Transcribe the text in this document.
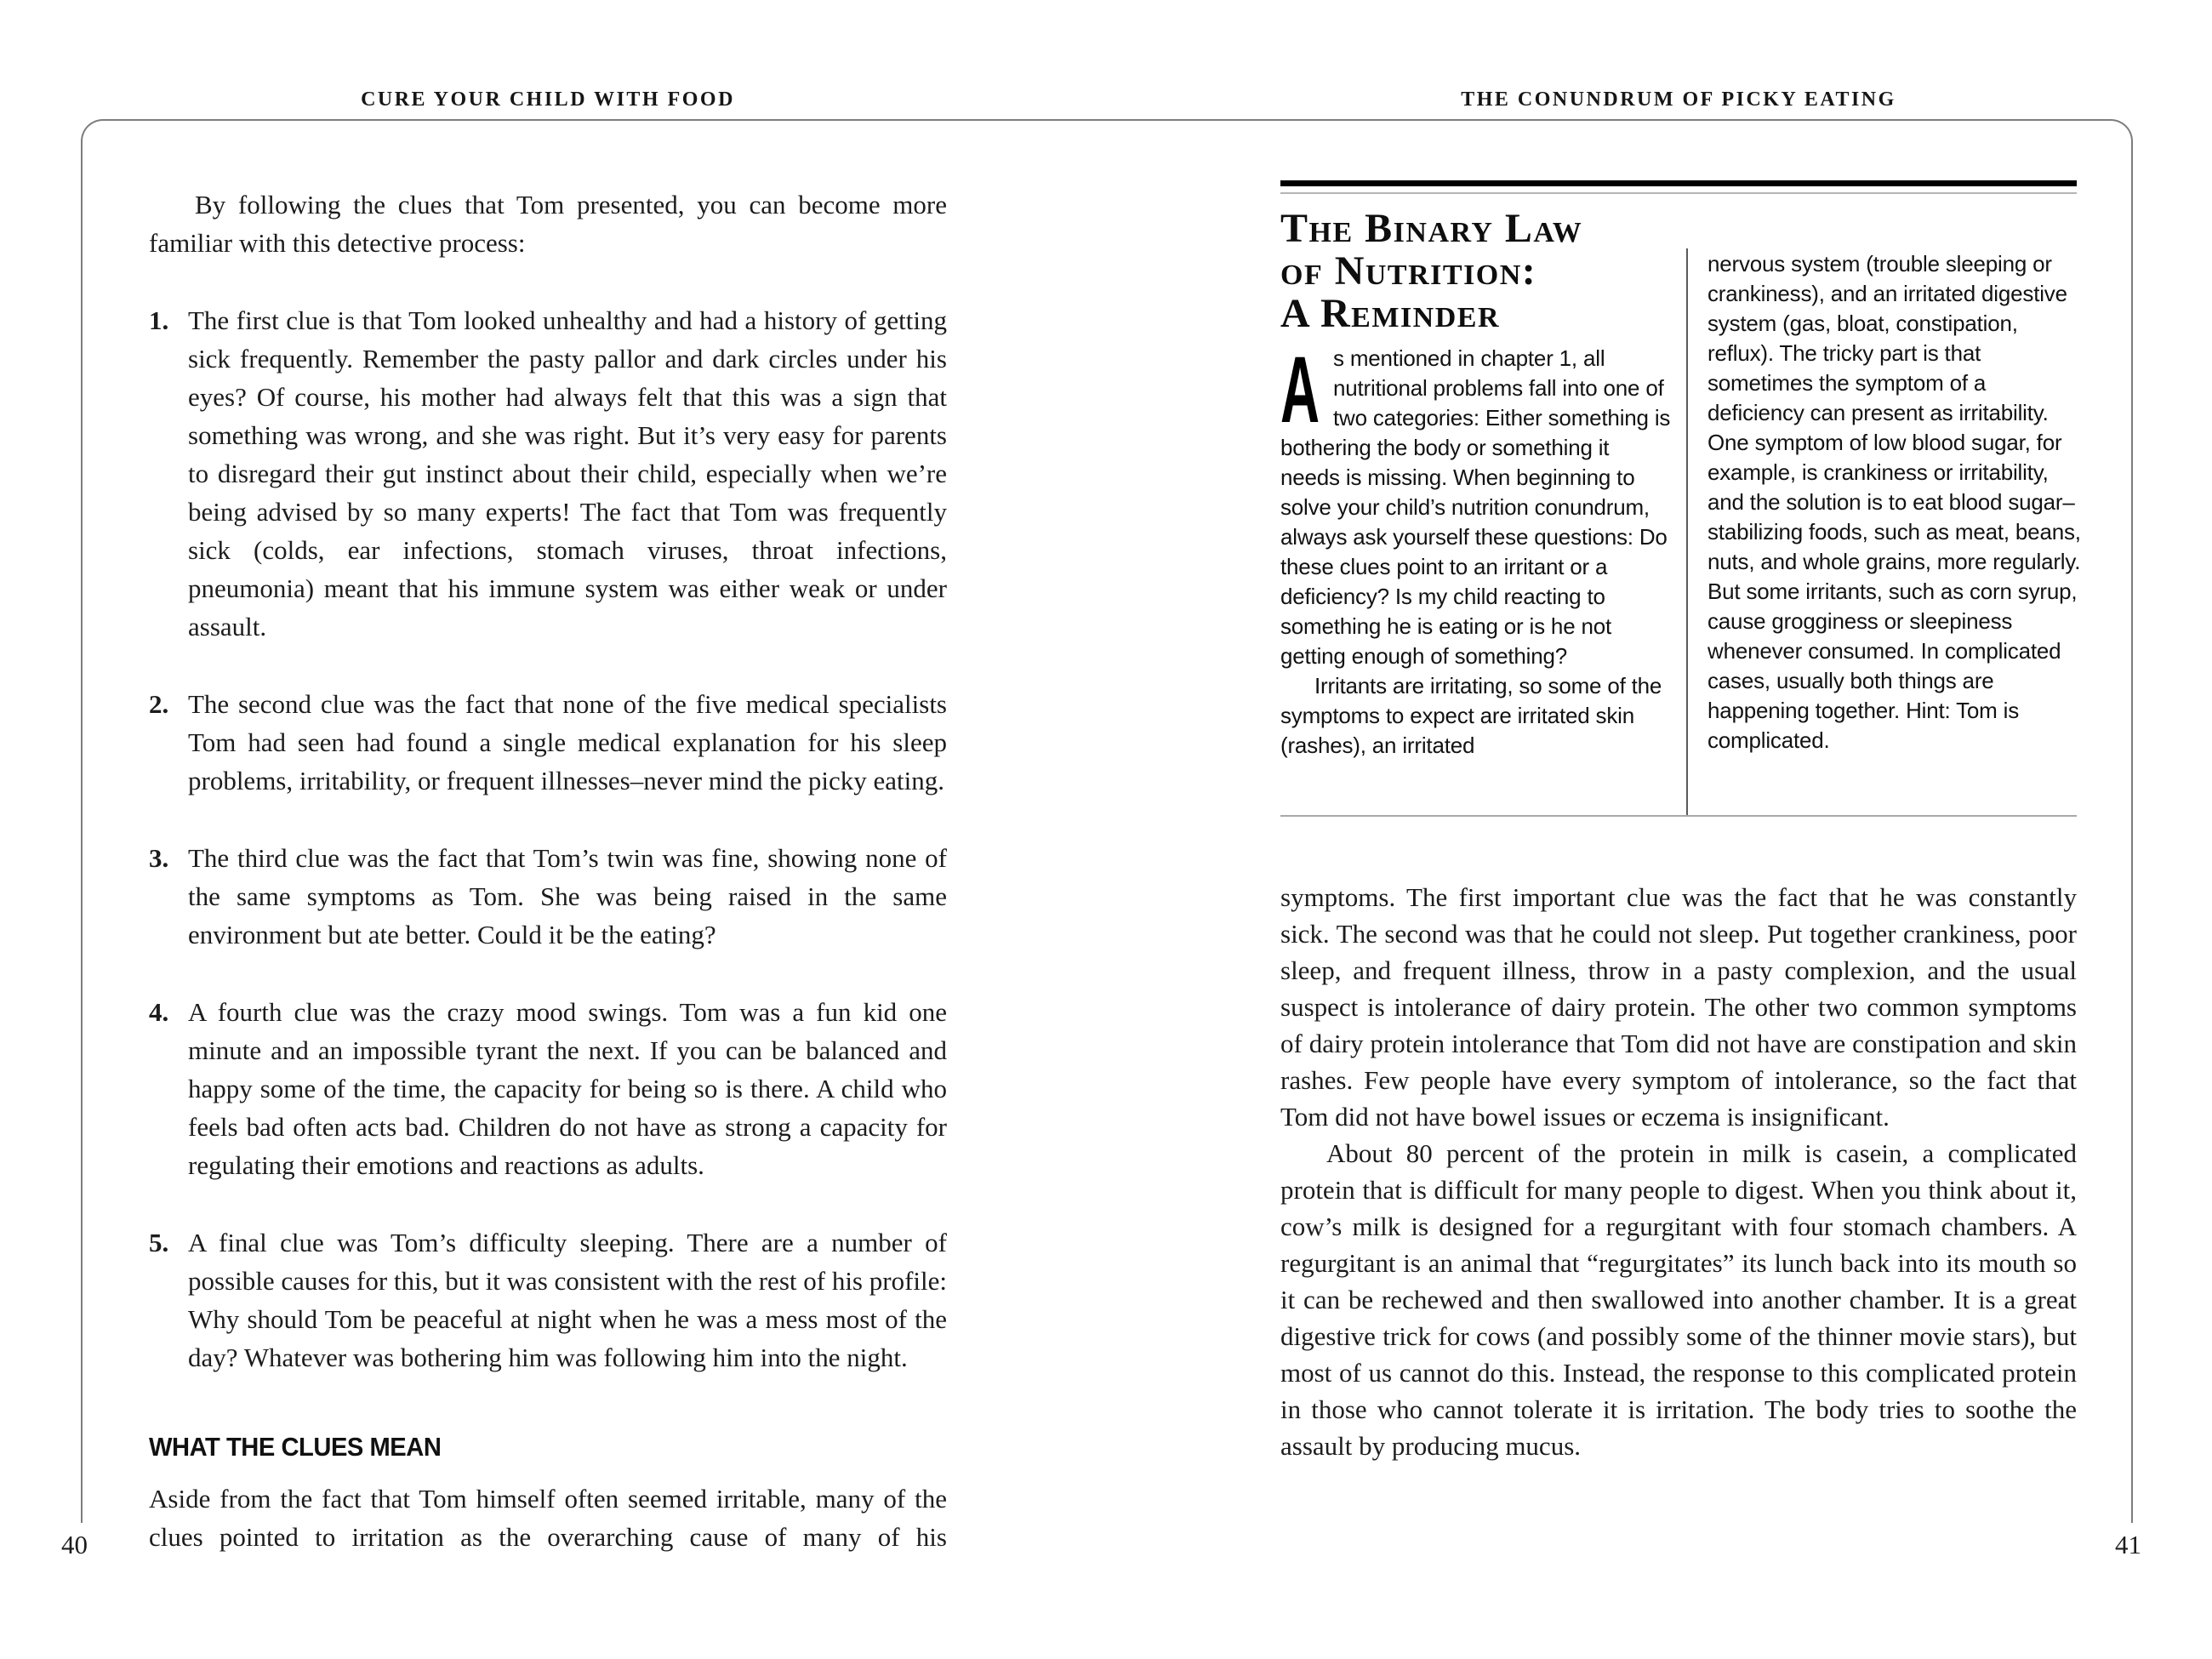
CURE YOUR CHILD WITH FOOD	THE CONUNDRUM OF PICKY EATING

By following the clues that Tom presented, you can become more familiar with this detective process:

1. The first clue is that Tom looked unhealthy and had a history of getting sick frequently. Remember the pasty pallor and dark circles under his eyes? Of course, his mother had always felt that this was a sign that something was wrong, and she was right. But it’s very easy for parents to disregard their gut instinct about their child, especially when we’re being advised by so many experts! The fact that Tom was frequently sick (colds, ear infections, stomach viruses, throat infections, pneumonia) meant that his immune system was either weak or under assault.
2. The second clue was the fact that none of the five medical specialists Tom had seen had found a single medical explanation for his sleep problems, irritability, or frequent illnesses–never mind the picky eating.
3. The third clue was the fact that Tom’s twin was fine, showing none of the same symptoms as Tom. She was being raised in the same environment but ate better. Could it be the eating?
4. A fourth clue was the crazy mood swings. Tom was a fun kid one minute and an impossible tyrant the next. If you can be balanced and happy some of the time, the capacity for being so is there. A child who feels bad often acts bad. Children do not have as strong a capacity for regulating their emotions and reactions as adults.
5. A final clue was Tom’s difficulty sleeping. There are a number of possible causes for this, but it was consistent with the rest of his profile: Why should Tom be peaceful at night when he was a mess most of the day? Whatever was bothering him was following him into the night.
WHAT THE CLUES MEAN

Aside from the fact that Tom himself often seemed irritable, many of the clues pointed to irritation as the overarching cause of many of his

The Binary Law
of Nutrition:
A Reminder

As mentioned in chapter 1, all nutritional problems fall into one of two categories: Either something is bothering the body or something it needs is missing. When beginning to solve your child’s nutrition conundrum, always ask yourself these questions: Do these clues point to an irritant or a deficiency? Is my child reacting to something he is eating or is he not getting enough of something?

Irritants are irritating, so some of the symptoms to expect are irritated skin (rashes), an irritated

nervous system (trouble sleeping or crankiness), and an irritated digestive system (gas, bloat, constipation, reflux). The tricky part is that sometimes the symptom of a deficiency can present as irritability. One symptom of low blood sugar, for example, is crankiness or irritability, and the solution is to eat blood sugar–stabilizing foods, such as meat, beans, nuts, and whole grains, more regularly. But some irritants, such as corn syrup, cause grogginess or sleepiness whenever consumed. In complicated cases, usually both things are happening together. Hint: Tom is complicated.

symptoms. The first important clue was the fact that he was constantly sick. The second was that he could not sleep. Put together crankiness, poor sleep, and frequent illness, throw in a pasty complexion, and the usual suspect is intolerance of dairy protein. The other two common symptoms of dairy protein intolerance that Tom did not have are constipation and skin rashes. Few people have every symptom of intolerance, so the fact that Tom did not have bowel issues or eczema is insignificant.

About 80 percent of the protein in milk is casein, a complicated protein that is difficult for many people to digest. When you think about it, cow’s milk is designed for a regurgitant with four stomach chambers. A regurgitant is an animal that “regurgitates” its lunch back into its mouth so it can be rechewed and then swallowed into another chamber. It is a great digestive trick for cows (and possibly some of the thinner movie stars), but most of us cannot do this. Instead, the response to this complicated protein in those who cannot tolerate it is irritation. The body tries to soothe the assault by producing mucus.

40	41
